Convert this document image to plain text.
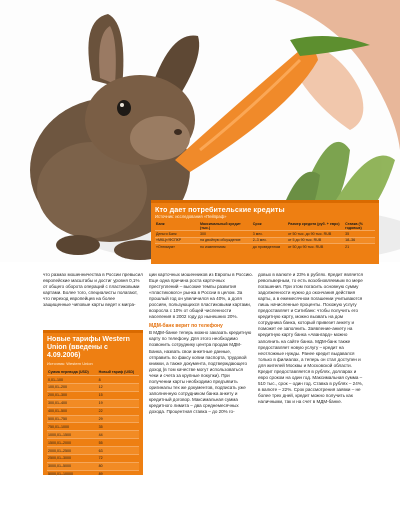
Кто дает потребительские кредиты
Источник: исследования «Пейпраф»
Банк	Максимальный кредит (тыс.)	Срок	Размер кредита (руб. + евро)	Ставка (% годовых)
Деньги Банк	300	3 мес.	от 50 тыс. до 90 тыс. RUB	35
«МКЦ»/ФСПКР	на двойную обсуждение	2–3 мес.	от 5 до 90 тыс. RUB	18–36
«Оптимум»	по изменениям	до проведенном	от 50 до 90 тыс. RUB	21

что размах мошенничества в России превысил европейские масштабы и достиг уровня 0,1% от общего оборота операций с пластиковыми картами. Более того, специалисты полагают, что переход европейцев на более защищенные чиповые карты ведет к мигра-

Новые тарифы Western Union (введены с 4.09.2006)
Источник: Western Union
Сумма перевода (USD)	Новый тариф (USD)
0,01–100	8
100,01–200	12
200,01–300	15
300,01–400	19
400,01–500	22
500,01–750	29
750,01–1000	35
1000,01–1500	44
1500,01–2000	55
2000,01–2500	63
2500,01–3000	72
3000,01–5000	80
5000,01–10000	89

ции карточных мошенников из Европы в Россию. Еще одна причина роста карточных преступлений – высокие темпы развития «пластикового» рынка в России в целом. За прошлый год он увеличился на 40%, а доля россиян, пользующихся пластиковыми картами, возросла с 10% от общей численности населения в 2002 году до нынешних 20%.

МДМ-банк верит по телефону

В МДМ-банке теперь можно заказать кредитную карту по телефону. Для этого необходимо позвонить сотруднику центра продаж МДМ-Банка, назвать свои анкетные данные, отправить по факсу копии паспорта, трудовой книжки, а также документа, подтверждающего доход (в том качестве могут использоваться чеки и счета за крупные покупки). При получении карты необходимо предъявить оригиналы тех же документов, подписать уже заполненную сотрудником банка анкету и кредитный договор. Максимальная сумма кредитного лимита – два среднемесячных дохода. Процентная ставка – до 20% го-

довых в валюте и 23% в рублях. Кредит является револьверным, то есть возобновляемым по мере погашения. При этом погасить основную сумму задолженности нужно до окончания действия карты, а в ежемесячном погашении учитываются лишь начисленные проценты. Похожую услугу предоставляет и Ситибанк: чтобы получить его кредитную карту, можно вызвать на дом сотрудника банка, который привезет анкету и поможет ее заполнить. Заявление-анкету на кредитную карту банка «Авангард» можно заполнить на сайте банка. МДМ-банк также предоставляет новую услугу – кредит на неотложные нужды. Ранее кредит выдавался только в филиалах, а теперь он стал доступен и для жителей Москвы и Московской области. Кредит предоставляется в рублях, долларах и евро сроком на один год. Максимальная сумма – 510 тыс., срок – один год. Ставка в рублях – 24%, в валюте – 22%. Срок рассмотрения заявки – не более трех дней, кредит можно получить как наличными, так и на счет в МДМ-банке.
